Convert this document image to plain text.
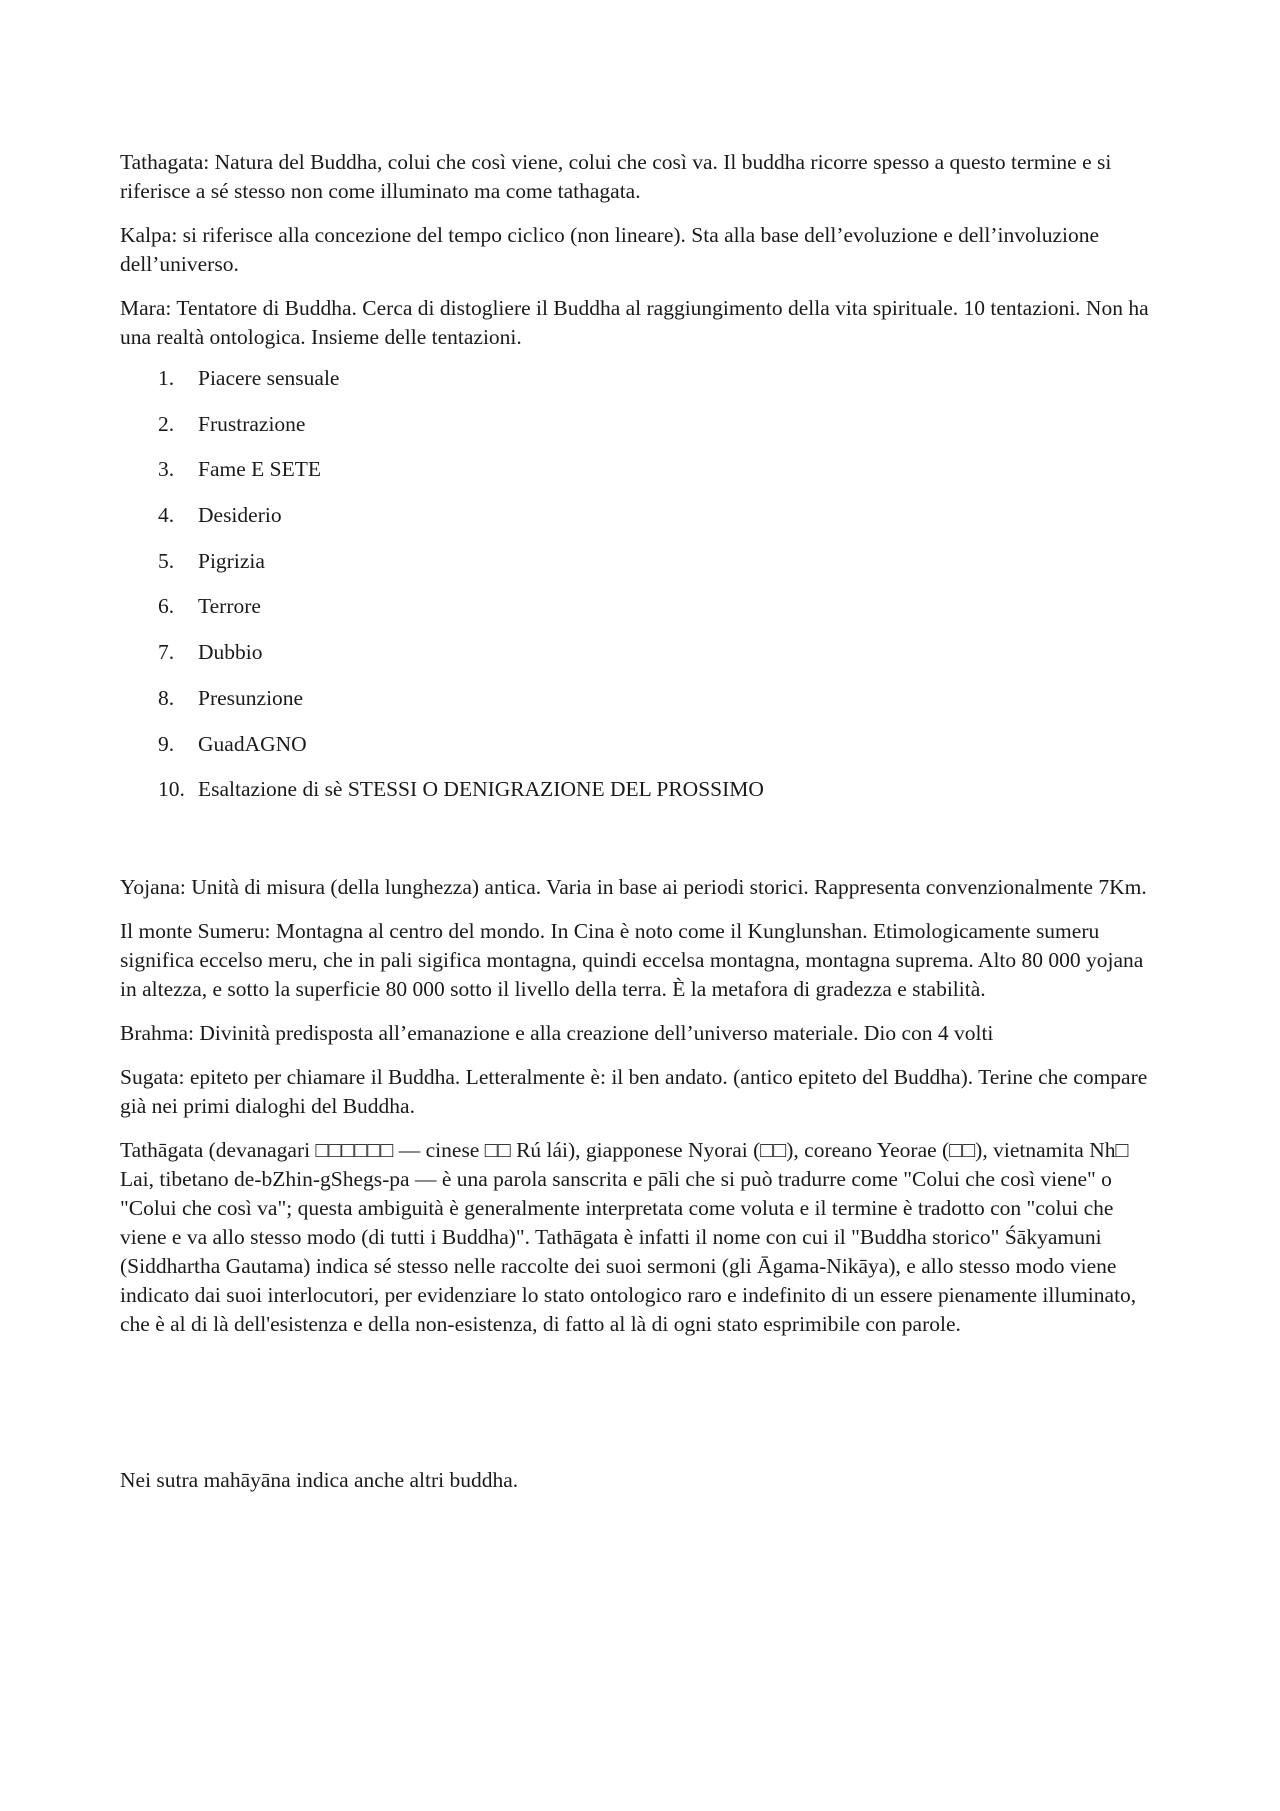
Tathagata: Natura del Buddha, colui che così viene, colui che così va. Il buddha ricorre spesso a questo termine e si riferisce a sé stesso non come illuminato ma come tathagata.

Kalpa: si riferisce alla concezione del tempo ciclico (non lineare). Sta alla base dell’evoluzione e dell’involuzione dell’universo.

Mara: Tentatore di Buddha. Cerca di distogliere il Buddha al raggiungimento della vita spirituale. 10 tentazioni. Non ha una realtà ontologica. Insieme delle tentazioni.

1.	Piacere sensuale
2.	Frustrazione
3.	Fame E SETE
4.	Desiderio
5.	Pigrizia
6.	Terrore
7.	Dubbio
8.	Presunzione
9.	GuadAGNO
10. Esaltazione di sè STESSI O DENIGRAZIONE DEL PROSSIMO

Yojana: Unità di misura (della lunghezza) antica. Varia in base ai periodi storici. Rappresenta convenzionalmente 7Km.

Il monte Sumeru: Montagna al centro del mondo. In Cina è noto come il Kunglunshan. Etimologicamente sumeru significa eccelso meru, che in pali sigifica montagna, quindi eccelsa montagna, montagna suprema. Alto 80 000 yojana in altezza, e sotto la superficie 80 000 sotto il livello della terra. È la metafora di gradezza e stabilità.

Brahma: Divinità predisposta all’emanazione e alla creazione dell’universo materiale. Dio con 4 volti

Sugata: epiteto per chiamare il Buddha. Letteralmente è: il ben andato. (antico epiteto del Buddha). Terine che compare già nei primi dialoghi del Buddha.

Tathāgata (devanagari □□□□□□ — cinese □□ Rú lái), giapponese Nyorai (□□), coreano Yeorae (□□), vietnamita Nh□ Lai, tibetano de-bZhin-gShegs-pa — è una parola sanscrita e pāli che si può tradurre come "Colui che così viene" o "Colui che così va"; questa ambiguità è generalmente interpretata come voluta e il termine è tradotto con "colui che viene e va allo stesso modo (di tutti i Buddha)". Tathāgata è infatti il nome con cui il "Buddha storico" Śākyamuni (Siddhartha Gautama) indica sé stesso nelle raccolte dei suoi sermoni (gli Āgama-Nikāya), e allo stesso modo viene indicato dai suoi interlocutori, per evidenziare lo stato ontologico raro e indefinito di un essere pienamente illuminato, che è al di là dell'esistenza e della non-esistenza, di fatto al là di ogni stato esprimibile con parole.

Nei sutra mahāyāna indica anche altri buddha.
